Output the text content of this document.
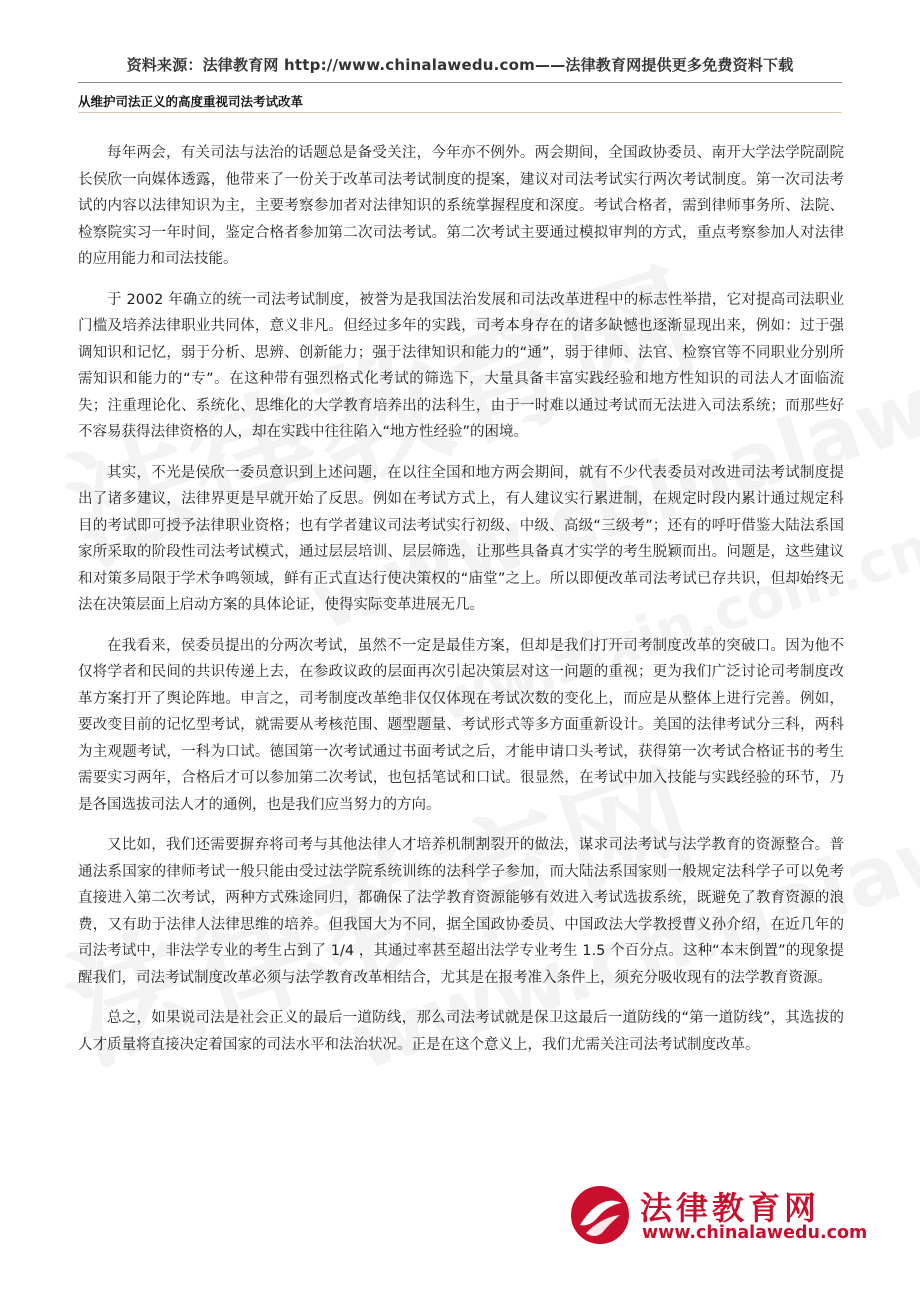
资料来源：法律教育网 http://www.chinalawedu.com——法律教育网提供更多免费资料下载
从维护司法正义的高度重视司法考试改革

每年两会，有关司法与法治的话题总是备受关注，今年亦不例外。两会期间，全国政协委员、南开大学法学院副院长侯欣一向媒体透露，他带来了一份关于改革司法考试制度的提案，建议对司法考试实行两次考试制度。第一次司法考试的内容以法律知识为主，主要考察参加者对法律知识的系统掌握程度和深度。考试合格者，需到律师事务所、法院、检察院实习一年时间，鉴定合格者参加第二次司法考试。第二次考试主要通过模拟审判的方式，重点考察参加人对法律的应用能力和司法技能。

于 2002 年确立的统一司法考试制度，被誉为是我国法治发展和司法改革进程中的标志性举措，它对提高司法职业门槛及培养法律职业共同体，意义非凡。但经过多年的实践，司考本身存在的诸多缺憾也逐渐显现出来，例如：过于强调知识和记忆，弱于分析、思辨、创新能力；强于法律知识和能力的“通”，弱于律师、法官、检察官等不同职业分别所需知识和能力的“专”。在这种带有强烈格式化考试的筛选下，大量具备丰富实践经验和地方性知识的司法人才面临流失；注重理论化、系统化、思维化的大学教育培养出的法科生，由于一时难以通过考试而无法进入司法系统；而那些好不容易获得法律资格的人，却在实践中往往陷入“地方性经验”的困境。

其实，不光是侯欣一委员意识到上述问题，在以往全国和地方两会期间，就有不少代表委员对改进司法考试制度提出了诸多建议，法律界更是早就开始了反思。例如在考试方式上，有人建议实行累进制，在规定时段内累计通过规定科目的考试即可授予法律职业资格；也有学者建议司法考试实行初级、中级、高级“三级考”；还有的呼吁借鉴大陆法系国家所采取的阶段性司法考试模式，通过层层培训、层层筛选，让那些具备真才实学的考生脱颖而出。问题是，这些建议和对策多局限于学术争鸣领域，鲜有正式直达行使决策权的“庙堂”之上。所以即便改革司法考试已存共识，但却始终无法在决策层面上启动方案的具体论证，使得实际变革进展无几。

在我看来，侯委员提出的分两次考试，虽然不一定是最佳方案，但却是我们打开司考制度改革的突破口。因为他不仅将学者和民间的共识传递上去，在参政议政的层面再次引起决策层对这一问题的重视；更为我们广泛讨论司考制度改革方案打开了舆论阵地。申言之，司考制度改革绝非仅仅体现在考试次数的变化上，而应是从整体上进行完善。例如，要改变目前的记忆型考试，就需要从考核范围、题型题量、考试形式等多方面重新设计。美国的法律考试分三科，两科为主观题考试，一科为口试。德国第一次考试通过书面考试之后，才能申请口头考试，获得第一次考试合格证书的考生需要实习两年，合格后才可以参加第二次考试，也包括笔试和口试。很显然，在考试中加入技能与实践经验的环节，乃是各国选拔司法人才的通例，也是我们应当努力的方向。

又比如，我们还需要摒弃将司考与其他法律人才培养机制割裂开的做法，谋求司法考试与法学教育的资源整合。普通法系国家的律师考试一般只能由受过法学院系统训练的法科学子参加，而大陆法系国家则一般规定法科学子可以免考直接进入第二次考试，两种方式殊途同归，都确保了法学教育资源能够有效进入考试选拔系统，既避免了教育资源的浪费，又有助于法律人法律思维的培养。但我国大为不同，据全国政协委员、中国政法大学教授曹义孙介绍，在近几年的司法考试中，非法学专业的考生占到了 1/4 ，其通过率甚至超出法学专业考生 1.5 个百分点。这种“本末倒置”的现象提醒我们，司法考试制度改革必须与法学教育改革相结合，尤其是在报考准入条件上，须充分吸收现有的法学教育资源。

总之，如果说司法是社会正义的最后一道防线，那么司法考试就是保卫这最后一道防线的“第一道防线”，其选拔的人才质量将直接决定着国家的司法水平和法治状况。正是在这个意义上，我们尤需关注司法考试制度改革。

法律教育网
www.chinalawedu.com
